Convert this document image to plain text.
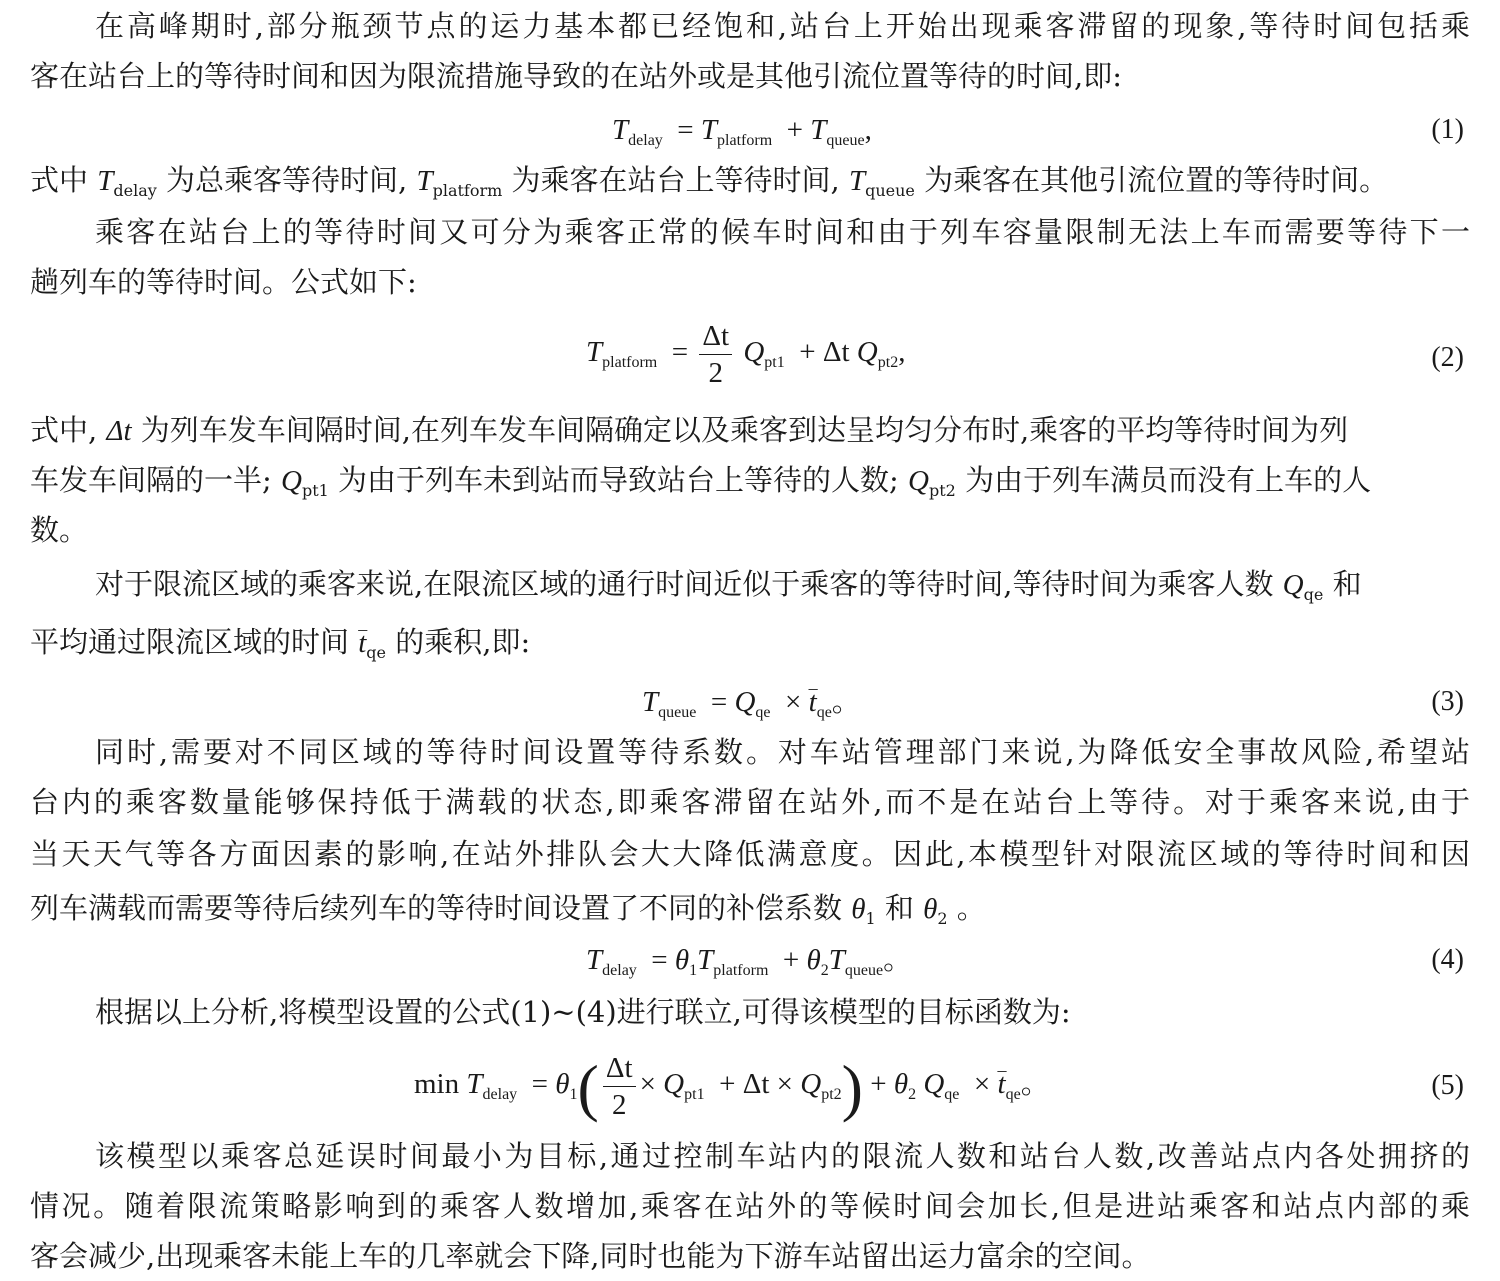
在高峰期时,部分瓶颈节点的运力基本都已经饱和,站台上开始出现乘客滞留的现象,等待时间包括乘
客在站台上的等待时间和因为限流措施导致的在站外或是其他引流位置等待的时间,即:
$T_{delay} = T_{platform} + T_{queue}$,	(1)
式中 $T_{delay}$ 为总乘客等待时间, $T_{platform}$ 为乘客在站台上等待时间, $T_{queue}$ 为乘客在其他引流位置的等待时间。
乘客在站台上的等待时间又可分为乘客正常的候车时间和由于列车容量限制无法上车而需要等待下一
趟列车的等待时间。公式如下:
$T_{platform} = \frac{\Delta t}{2} Q_{pt1} + \Delta t$ $Q_{pt2}$,	(2)
式中, Δt 为列车发车间隔时间,在列车发车间隔确定以及乘客到达呈均匀分布时,乘客的平均等待时间为列
车发车间隔的一半; $Q_{pt1}$ 为由于列车未到站而导致站台上等待的人数; $Q_{pt2}$ 为由于列车满员而没有上车的人
数。
对于限流区域的乘客来说,在限流区域的通行时间近似于乘客的等待时间,等待时间为乘客人数 $Q_{qe}$ 和
平均通过限流区域的时间 – $t_{qe}$ 的乘积,即:
$T_{queue} = Q_{qe}$  × – $t_{qe}$。	(3)
同时,需要对不同区域的等待时间设置等待系数。对车站管理部门来说,为降低安全事故风险,希望站
台内的乘客数量能够保持低于满载的状态,即乘客滞留在站外,而不是在站台上等待。对于乘客来说,由于
当天天气等各方面因素的影响,在站外排队会大大降低满意度。因此,本模型针对限流区域的等待时间和因
列车满载而需要等待后续列车的等待时间设置了不同的补偿系数 $\theta_1$ 和 $\theta_2$ 。
$T_{delay} = \theta_1T_{platform} + \theta_2T_{queue}$。	(4)
根据以上分析,将模型设置的公式(1)~(4)进行联立,可得该模型的目标函数为:
$\min T_{delay} = \theta_1( \frac{\Delta t}{2} \times Q_{pt1} + \Delta t \times Q_{pt2}) + \theta_2$ $Q_{qe}$  × – $t_{qe}$。	(5)
该模型以乘客总延误时间最小为目标,通过控制车站内的限流人数和站台人数,改善站点内各处拥挤的
情况。随着限流策略影响到的乘客人数增加,乘客在站外的等候时间会加长,但是进站乘客和站点内部的乘
客会减少,出现乘客未能上车的几率就会下降,同时也能为下游车站留出运力富余的空间。
